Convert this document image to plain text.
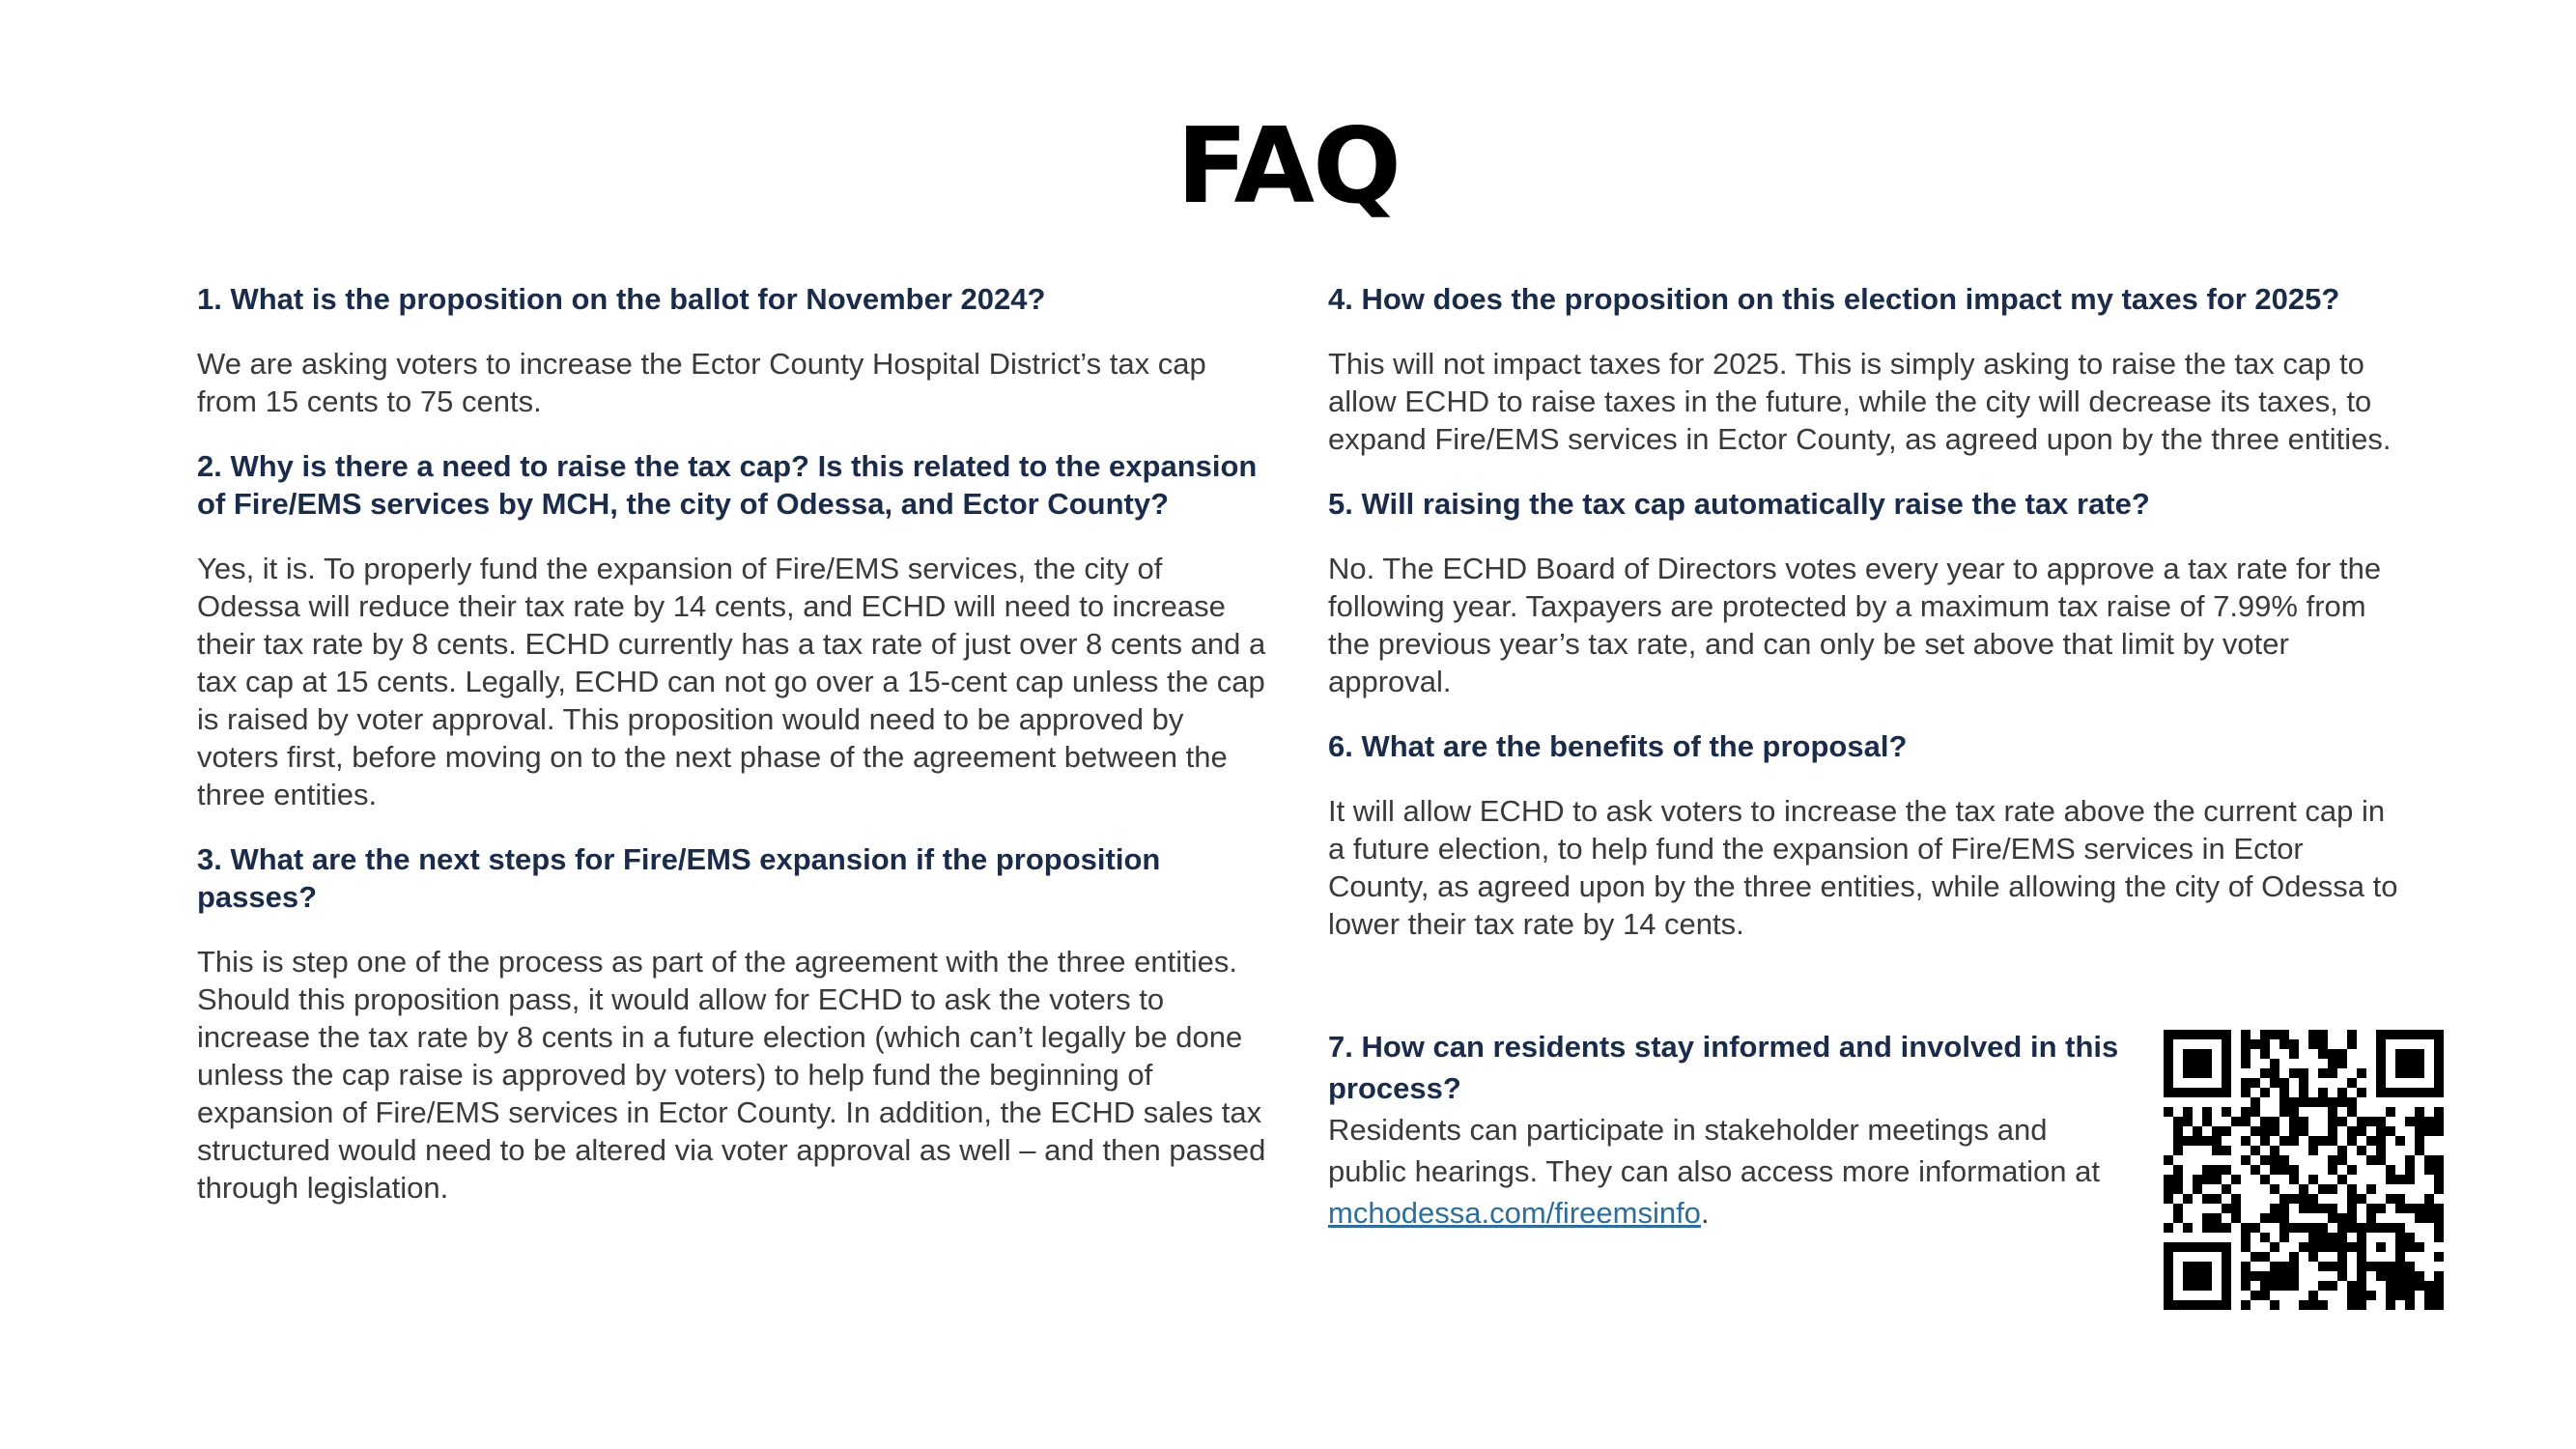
FAQ

1. What is the proposition on the ballot for November 2024?

We are asking voters to increase the Ector County Hospital District’s tax cap from 15 cents to 75 cents.

2. Why is there a need to raise the tax cap? Is this related to the expansion of Fire/EMS services by MCH, the city of Odessa, and Ector County?

Yes, it is. To properly fund the expansion of Fire/EMS services, the city of Odessa will reduce their tax rate by 14 cents, and ECHD will need to increase their tax rate by 8 cents. ECHD currently has a tax rate of just over 8 cents and a tax cap at 15 cents. Legally, ECHD can not go over a 15-cent cap unless the cap is raised by voter approval. This proposition would need to be approved by voters first, before moving on to the next phase of the agreement between the three entities.

3. What are the next steps for Fire/EMS expansion if the proposition passes?

This is step one of the process as part of the agreement with the three entities. Should this proposition pass, it would allow for ECHD to ask the voters to increase the tax rate by 8 cents in a future election (which can’t legally be done unless the cap raise is approved by voters) to help fund the beginning of expansion of Fire/EMS services in Ector County. In addition, the ECHD sales tax structured would need to be altered via voter approval as well – and then passed through legislation.

4. How does the proposition on this election impact my taxes for 2025?

This will not impact taxes for 2025. This is simply asking to raise the tax cap to allow ECHD to raise taxes in the future, while the city will decrease its taxes, to expand Fire/EMS services in Ector County, as agreed upon by the three entities.

5. Will raising the tax cap automatically raise the tax rate?

No. The ECHD Board of Directors votes every year to approve a tax rate for the following year. Taxpayers are protected by a maximum tax raise of 7.99% from the previous year’s tax rate, and can only be set above that limit by voter approval.

6. What are the benefits of the proposal?

It will allow ECHD to ask voters to increase the tax rate above the current cap in a future election, to help fund the expansion of Fire/EMS services in Ector County, as agreed upon by the three entities, while allowing the city of Odessa to lower their tax rate by 14 cents.

7. How can residents stay informed and involved in this process?

Residents can participate in stakeholder meetings and public hearings. They can also access more information at mchodessa.com/fireemsinfo.
